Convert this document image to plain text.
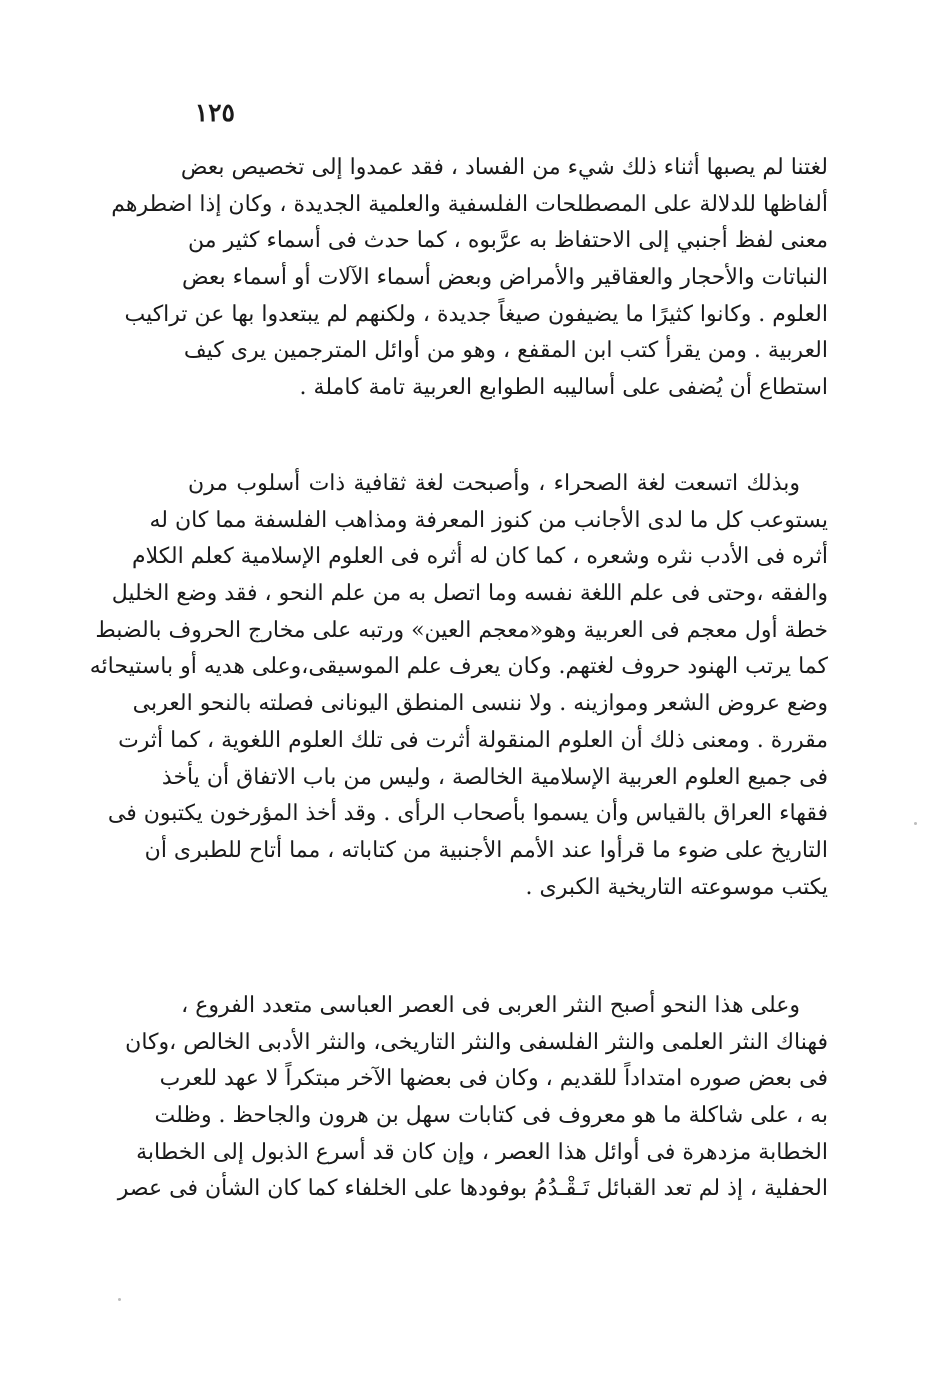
١٢٥
لغتنا لم يصبها أثناء ذلك شيء من الفساد ، فقد عمدوا إلى تخصيص بعض
ألفاظها للدلالة على المصطلحات الفلسفية والعلمية الجديدة ، وكان إذا اضطرهم
معنى لفظ أجنبي إلى الاحتفاظ به عرَّبوه ، كما حدث فى أسماء كثير من
النباتات والأحجار والعقاقير والأمراض وبعض أسماء الآلات أو أسماء بعض
العلوم . وكانوا كثيرًا ما يضيفون صيغاً جديدة ، ولكنهم لم يبتعدوا بها عن تراكيب
العربية . ومن يقرأ كتب ابن المقفع ، وهو من أوائل المترجمين يرى كيف
استطاع أن يُضفى على أساليبه الطوابع العربية تامة كاملة .
وبذلك اتسعت لغة الصحراء ، وأصبحت لغة ثقافية ذات أسلوب مرن
يستوعب كل ما لدى الأجانب من كنوز المعرفة ومذاهب الفلسفة مما كان له
أثره فى الأدب نثره وشعره ، كما كان له أثره فى العلوم الإسلامية كعلم الكلام
والفقه ،وحتى فى علم اللغة نفسه وما اتصل به من علم النحو ، فقد وضع الخليل
خطة أول معجم فى العربية وهو«معجم العين» ورتبه على مخارج الحروف بالضبط
كما يرتب الهنود حروف لغتهم. وكان يعرف علم الموسيقى،وعلى هديه أو باستيحائه
وضع عروض الشعر وموازينه . ولا ننسى المنطق اليونانى فصلته بالنحو العربى
مقررة . ومعنى ذلك أن العلوم المنقولة أثرت فى تلك العلوم اللغوية ، كما أثرت
فى جميع العلوم العربية الإسلامية الخالصة ، وليس من باب الاتفاق أن يأخذ
فقهاء العراق بالقياس وأن يسموا بأصحاب الرأى . وقد أخذ المؤرخون يكتبون فى
التاريخ على ضوء ما قرأوا عند الأمم الأجنبية من كتاباته ، مما أتاح للطبرى أن
يكتب موسوعته التاريخية الكبرى .
وعلى هذا النحو أصبح النثر العربى فى العصر العباسى متعدد الفروع ،
فهناك النثر العلمى والنثر الفلسفى والنثر التاريخى، والنثر الأدبى الخالص ،وكان
فى بعض صوره امتداداً للقديم ، وكان فى بعضها الآخر مبتكراً لا عهد للعرب
به ، على شاكلة ما هو معروف فى كتابات سهل بن هرون والجاحظ . وظلت
الخطابة مزدهرة فى أوائل هذا العصر ، وإن كان قد أسرع الذبول إلى الخطابة
الحفلية ، إذ لم تعد القبائل تَـقْـدُمُ بوفودها على الخلفاء كما كان الشأن فى عصر
